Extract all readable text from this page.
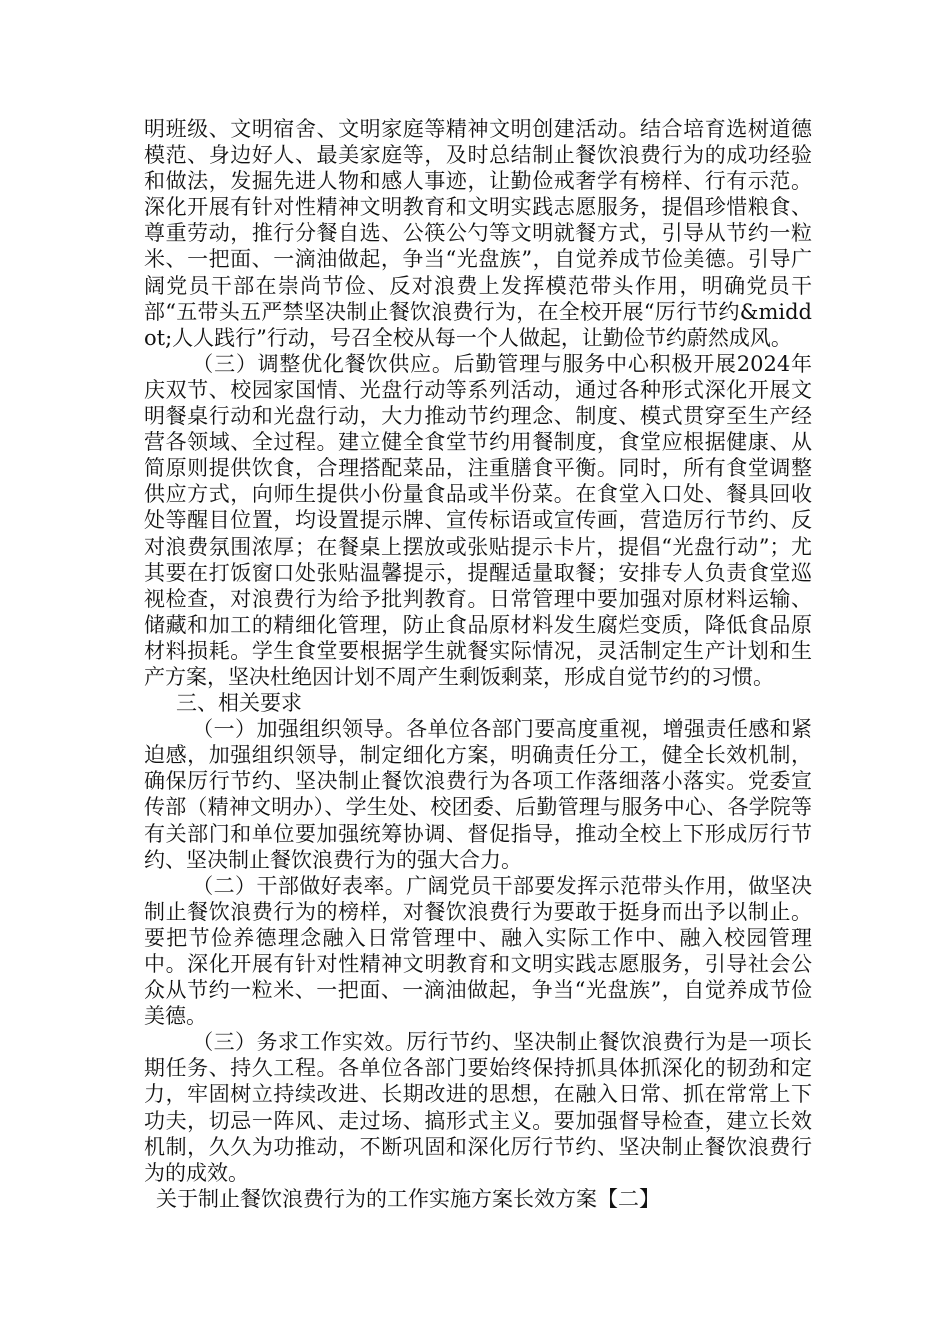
明班级、文明宿舍、文明家庭等精神文明创建活动。结合培育选树道德模范、身边好人、最美家庭等，及时总结制止餐饮浪费行为的成功经验和做法，发掘先进人物和感人事迹，让勤俭戒奢学有榜样、行有示范。深化开展有针对性精神文明教育和文明实践志愿服务，提倡珍惜粮食、尊重劳动，推行分餐自选、公筷公勺等文明就餐方式，引导从节约一粒米、一把面、一滴油做起，争当“光盘族”，自觉养成节俭美德。引导广阔党员干部在崇尚节俭、反对浪费上发挥模范带头作用，明确党员干部“五带头五严禁坚决制止餐饮浪费行为，在全校开展“厉行节约&middot;人人践行”行动，号召全校从每一个人做起，让勤俭节约蔚然成风。

（三）调整优化餐饮供应。后勤管理与服务中心积极开展2024年庆双节、校园家国情、光盘行动等系列活动，通过各种形式深化开展文明餐桌行动和光盘行动，大力推动节约理念、制度、模式贯穿至生产经营各领域、全过程。建立健全食堂节约用餐制度，食堂应根据健康、从简原则提供饮食，合理搭配菜品，注重膳食平衡。同时，所有食堂调整供应方式，向师生提供小份量食品或半份菜。在食堂入口处、餐具回收处等醒目位置，均设置提示牌、宣传标语或宣传画，营造厉行节约、反对浪费氛围浓厚；在餐桌上摆放或张贴提示卡片，提倡“光盘行动”；尤其要在打饭窗口处张贴温馨提示，提醒适量取餐；安排专人负责食堂巡视检查，对浪费行为给予批判教育。日常管理中要加强对原材料运输、储藏和加工的精细化管理，防止食品原材料发生腐烂变质，降低食品原材料损耗。学生食堂要根据学生就餐实际情况，灵活制定生产计划和生产方案，坚决杜绝因计划不周产生剩饭剩菜，形成自觉节约的习惯。

三、相关要求

（一）加强组织领导。各单位各部门要高度重视，增强责任感和紧迫感，加强组织领导，制定细化方案，明确责任分工，健全长效机制，确保厉行节约、坚决制止餐饮浪费行为各项工作落细落小落实。党委宣传部（精神文明办）、学生处、校团委、后勤管理与服务中心、各学院等有关部门和单位要加强统筹协调、督促指导，推动全校上下形成厉行节约、坚决制止餐饮浪费行为的强大合力。

（二）干部做好表率。广阔党员干部要发挥示范带头作用，做坚决制止餐饮浪费行为的榜样，对餐饮浪费行为要敢于挺身而出予以制止。要把节俭养德理念融入日常管理中、融入实际工作中、融入校园管理中。深化开展有针对性精神文明教育和文明实践志愿服务，引导社会公众从节约一粒米、一把面、一滴油做起，争当“光盘族”，自觉养成节俭美德。

（三）务求工作实效。厉行节约、坚决制止餐饮浪费行为是一项长期任务、持久工程。各单位各部门要始终保持抓具体抓深化的韧劲和定力，牢固树立持续改进、长期改进的思想，在融入日常、抓在常常上下功夫，切忌一阵风、走过场、搞形式主义。要加强督导检查，建立长效机制，久久为功推动，不断巩固和深化厉行节约、坚决制止餐饮浪费行为的成效。

关于制止餐饮浪费行为的工作实施方案长效方案【二】
